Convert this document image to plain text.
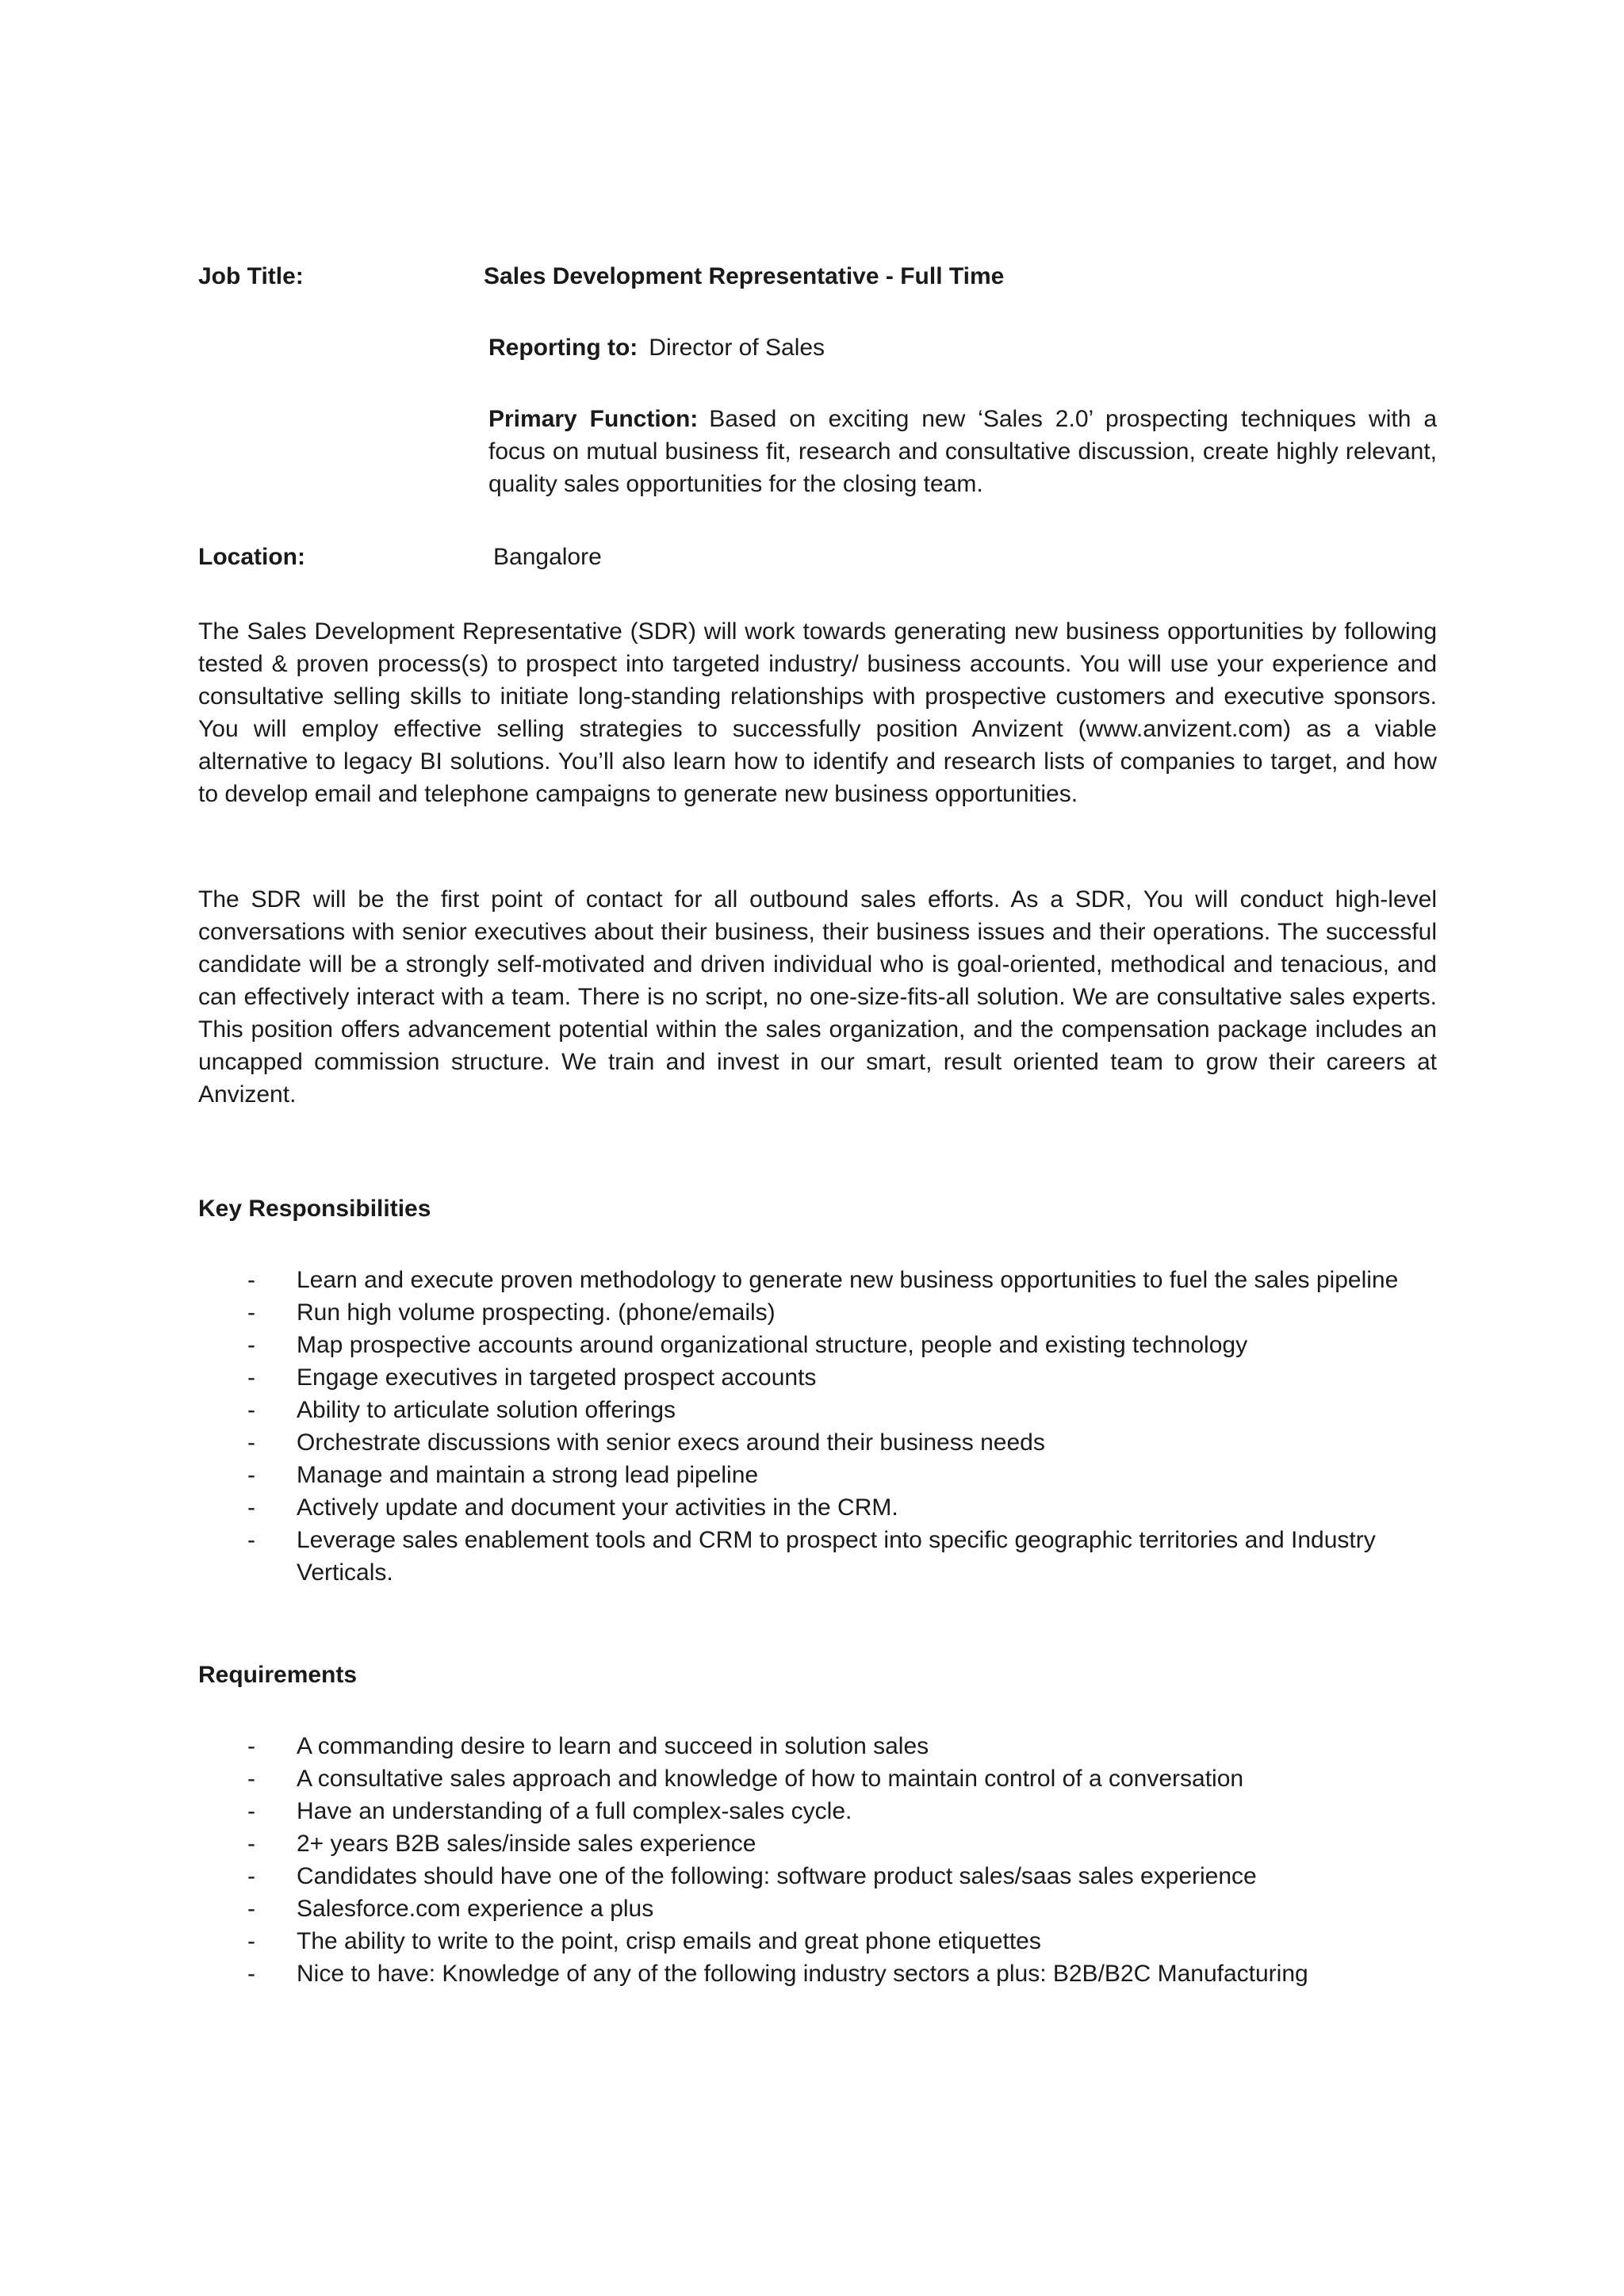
Job Title:	Sales Development Representative - Full Time
Reporting to: Director of Sales
Primary Function: Based on exciting new ‘Sales 2.0’ prospecting techniques with a focus on mutual business fit, research and consultative discussion, create highly relevant, quality sales opportunities for the closing team.
Location:	Bangalore
The Sales Development Representative (SDR) will work towards generating new business opportunities by following tested & proven process(s) to prospect into targeted industry/ business accounts. You will use your experience and consultative selling skills to initiate long-standing relationships with prospective customers and executive sponsors. You will employ effective selling strategies to successfully position Anvizent (www.anvizent.com) as a viable alternative to legacy BI solutions. You’ll also learn how to identify and research lists of companies to target, and how to develop email and telephone campaigns to generate new business opportunities.
The SDR will be the first point of contact for all outbound sales efforts. As a SDR, You will conduct high-level conversations with senior executives about their business, their business issues and their operations. The successful candidate will be a strongly self-motivated and driven individual who is goal-oriented, methodical and tenacious, and can effectively interact with a team. There is no script, no one-size-fits-all solution. We are consultative sales experts. This position offers advancement potential within the sales organization, and the compensation package includes an uncapped commission structure. We train and invest in our smart, result oriented team to grow their careers at Anvizent.
Key Responsibilities
- Learn and execute proven methodology to generate new business opportunities to fuel the sales pipeline
- Run high volume prospecting. (phone/emails)
- Map prospective accounts around organizational structure, people and existing technology
- Engage executives in targeted prospect accounts
- Ability to articulate solution offerings
- Orchestrate discussions with senior execs around their business needs
- Manage and maintain a strong lead pipeline
- Actively update and document your activities in the CRM.
- Leverage sales enablement tools and CRM to prospect into specific geographic territories and Industry Verticals.
Requirements
- A commanding desire to learn and succeed in solution sales
- A consultative sales approach and knowledge of how to maintain control of a conversation
- Have an understanding of a full complex-sales cycle.
- 2+ years B2B sales/inside sales experience
- Candidates should have one of the following: software product sales/saas sales experience
- Salesforce.com experience a plus
- The ability to write to the point, crisp emails and great phone etiquettes
- Nice to have: Knowledge of any of the following industry sectors a plus: B2B/B2C Manufacturing
